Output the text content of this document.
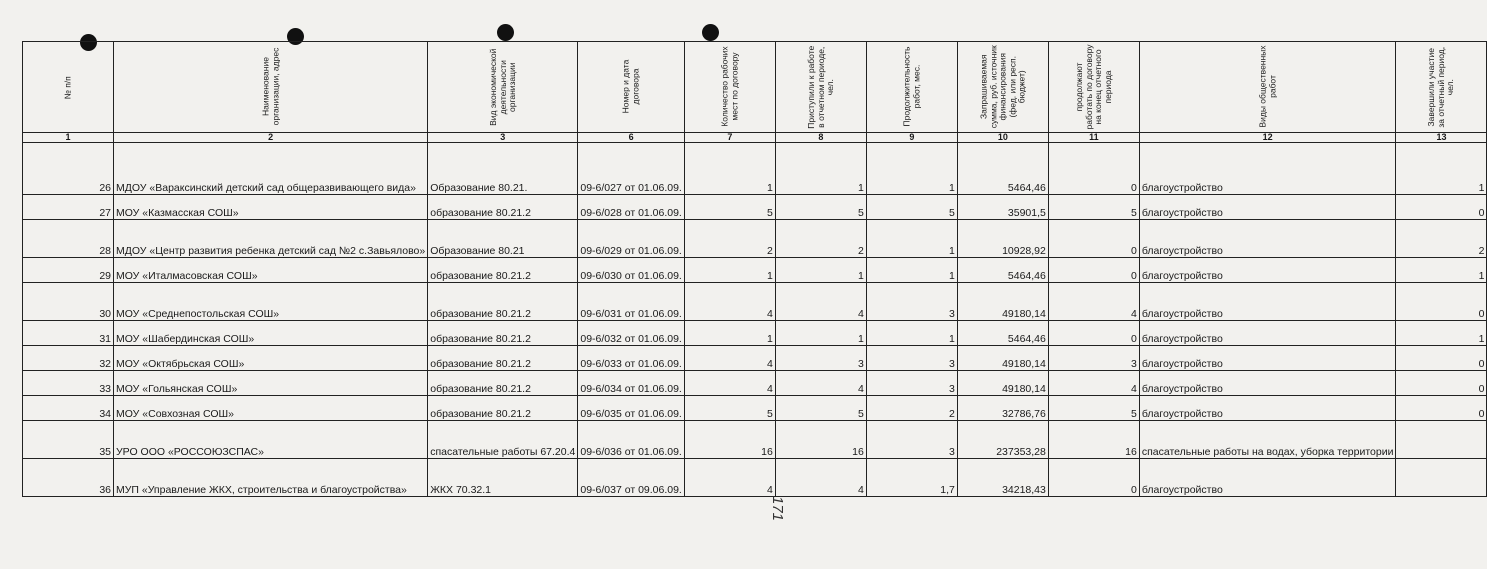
№ п/п	Наименование организации, адрес	Вид экономической деятельности организации	Номер и дата договора	Количество рабочих мест по договору	Приступили к работе в отчетном периоде, чел.	Продолжительность работ, мес.	Запрашиваемая сумма, руб. источник финансирования (фед. или респ. бюджет)	продолжают работать по договору на конец отчетного периода	Виды общественных работ	Завершили участие за отчетный период, чел.
1	2	3	6	7	8	9	10	11	12	13
26	МДОУ «Вараксинский детский сад общеразвивающего вида»	Образование 80.21.	09-6/027 от 01.06.09.	1	1	1	5464,46	0	благоустройство	1
27	МОУ «Казмасская СОШ»	образование 80.21.2	09-6/028 от 01.06.09.	5	5	5	35901,5	5	благоустройство	0
28	МДОУ «Центр развития ребенка детский сад №2 с.Завьялово»	Образование 80.21	09-6/029 от 01.06.09.	2	2	1	10928,92	0	благоустройство	2
29	МОУ «Италмасовская СОШ»	образование 80.21.2	09-6/030 от 01.06.09.	1	1	1	5464,46	0	благоустройство	1
30	МОУ «Среднепостольская СОШ»	образование 80.21.2	09-6/031 от 01.06.09.	4	4	3	49180,14	4	благоустройство	0
31	МОУ «Шабердинская СОШ»	образование 80.21.2	09-6/032 от 01.06.09.	1	1	1	5464,46	0	благоустройство	1
32	МОУ «Октябрьская СОШ»	образование 80.21.2	09-6/033 от 01.06.09.	4	3	3	49180,14	3	благоустройство	0
33	МОУ «Гольянская СОШ»	образование 80.21.2	09-6/034 от 01.06.09.	4	4	3	49180,14	4	благоустройство	0
34	МОУ «Совхозная СОШ»	образование 80.21.2	09-6/035 от 01.06.09.	5	5	2	32786,76	5	благоустройство	0
35	УРО ООО «РОССОЮЗСПАС»	спасательные работы 67.20.4	09-6/036 от 01.06.09.	16	16	3	237353,28	16	спасательные работы на водах, уборка территории	
36	МУП «Управление ЖКХ, строительства и благоустройства»	ЖКХ 70.32.1	09-6/037 от 09.06.09.	4	4	1,7	34218,43	0	благоустройство	
171
